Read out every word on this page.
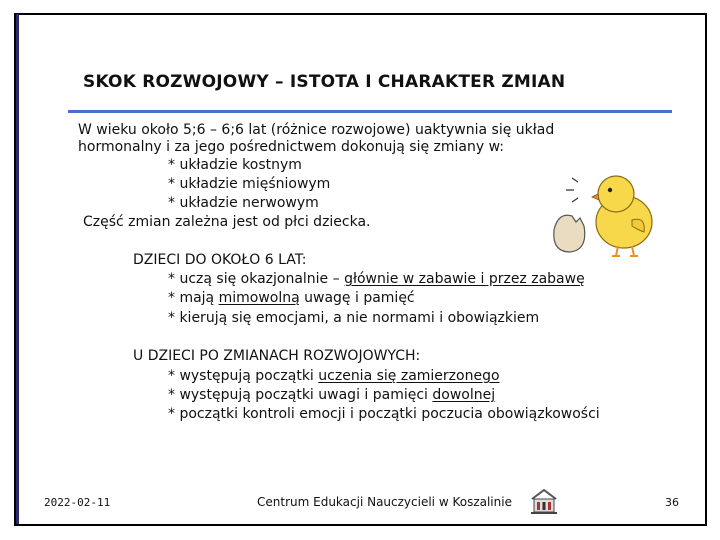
SKOK ROZWOJOWY – ISTOTA I CHARAKTER ZMIAN
W wieku około 5;6 – 6;6 lat (różnice rozwojowe) uaktywnia się układ
hormonalny i za jego pośrednictwem dokonują się zmiany w:
* układzie kostnym
* układzie mięśniowym
* układzie nerwowym
Część zmian zależna jest od płci dziecka.
DZIECI DO OKOŁO 6 LAT:
* uczą się okazjonalnie – głównie w zabawie i przez zabawę
* mają mimowolną uwagę i pamięć
* kierują się emocjami, a nie normami i obowiązkiem
U DZIECI PO ZMIANACH ROZWOJOWYCH:
* występują początki uczenia się zamierzonego
* występują początki uwagi i pamięci dowolnej
* początki kontroli emocji i początki poczucia obowiązkowości
2022-02-11	Centrum Edukacji Nauczycieli w Koszalinie	36
